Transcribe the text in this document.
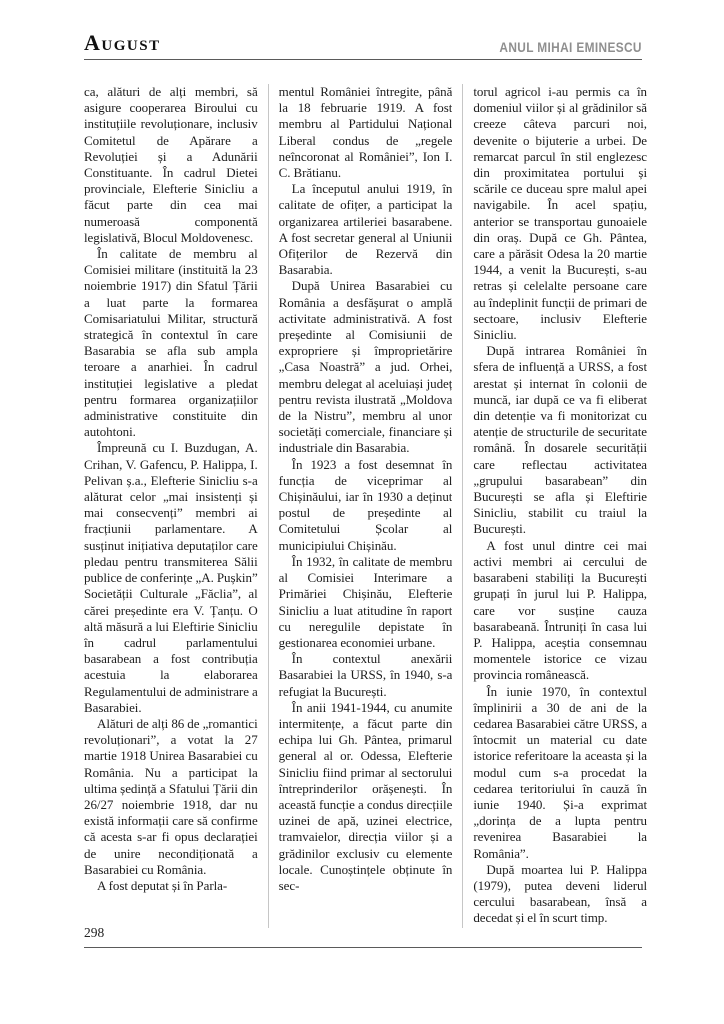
August	ANUL MIHAI EMINESCU

ca, alături de alți membri, să asigure cooperarea Biroului cu instituțiile revoluționare, inclusiv Comitetul de Apărare a Revoluției și a Adunării Constituante. În cadrul Dietei provinciale, Elefterie Sinicliu a făcut parte din cea mai numeroasă componentă legislativă, Blocul Moldovenesc.

În calitate de membru al Comisiei militare (instituită la 23 noiembrie 1917) din Sfatul Țării a luat parte la formarea Comisariatului Militar, structură strategică în contextul în care Basarabia se afla sub ampla teroare a anarhiei. În cadrul instituției legislative a pledat pentru formarea organizațiilor administrative constituite din autohtoni.

Împreună cu I. Buzdugan, A. Crihan, V. Gafencu, P. Halippa, I. Pelivan ș.a., Elefterie Sinicliu s-a alăturat celor „mai insistenți și mai consecvenți” membri ai fracțiunii parlamentare. A susținut inițiativa deputaților care pledau pentru transmiterea Sălii publice de conferințe „A. Pușkin” Societății Culturale „Făclia”, al cărei președinte era V. Țanțu. O altă măsură a lui Eleftirie Sinicliu în cadrul parlamentului basarabean a fost contribuția acestuia la elaborarea Regulamentului de administrare a Basarabiei.

Alături de alți 86 de „romantici revoluționari”, a votat la 27 martie 1918 Unirea Basarabiei cu România. Nu a participat la ultima ședință a Sfatului Țării din 26/27 noiembrie 1918, dar nu există informații care să confirme că acesta s-ar fi opus declarației de unire necondiționată a Basarabiei cu România.

A fost deputat și în Parla-

mentul României întregite, până la 18 februarie 1919. A fost membru al Partidului Național Liberal condus de „regele neîncoronat al României”, Ion I. C. Brătianu.

La începutul anului 1919, în calitate de ofițer, a participat la organizarea artileriei basarabene. A fost secretar general al Uniunii Ofițerilor de Rezervă din Basarabia.

După Unirea Basarabiei cu România a desfășurat o amplă activitate administrativă. A fost președinte al Comisiunii de expropriere și împroprietărire „Casa Noastră” a jud. Orhei, membru delegat al aceluiași județ pentru revista ilustrată „Moldova de la Nistru”, membru al unor societăți comerciale, financiare și industriale din Basarabia.

În 1923 a fost desemnat în funcția de viceprimar al Chișinăului, iar în 1930 a deținut postul de președinte al Comitetului Școlar al municipiului Chișinău.

În 1932, în calitate de membru al Comisiei Interimare a Primăriei Chișinău, Elefterie Sinicliu a luat atitudine în raport cu neregulile depistate în gestionarea economiei urbane.

În contextul anexării Basarabiei la URSS, în 1940, s-a refugiat la București.

În anii 1941-1944, cu anumite intermitențe, a făcut parte din echipa lui Gh. Pântea, primarul general al or. Odessa, Elefterie Sinicliu fiind primar al sectorului întreprinderilor orășenești. În această funcție a condus direcțiile uzinei de apă, uzinei electrice, tramvaielor, direcția viilor și a grădinilor exclusiv cu elemente locale. Cunoștințele obținute în sec-

torul agricol i-au permis ca în domeniul viilor și al grădinilor să creeze câteva parcuri noi, devenite o bijuterie a urbei. De remarcat parcul în stil englezesc din proximitatea portului și scările ce duceau spre malul apei navigabile. În acel spațiu, anterior se transportau gunoaiele din oraș. După ce Gh. Pântea, care a părăsit Odesa la 20 martie 1944, a venit la București, s-au retras și celelalte persoane care au îndeplinit funcții de primari de sectoare, inclusiv Elefterie Sinicliu.

După intrarea României în sfera de influență a URSS, a fost arestat și internat în colonii de muncă, iar după ce va fi eliberat din detenție va fi monitorizat cu atenție de structurile de securitate română. În dosarele securității care reflectau activitatea „grupului basarabean” din București se afla și Eleftirie Sinicliu, stabilit cu traiul la București.

A fost unul dintre cei mai activi membri ai cercului de basarabeni stabiliți la București grupați în jurul lui P. Halippa, care vor susține cauza basarabeană. Întruniți în casa lui P. Halippa, aceștia consemnau momentele istorice ce vizau provincia românească.

În iunie 1970, în contextul împlinirii a 30 de ani de la cedarea Basarabiei către URSS, a întocmit un material cu date istorice referitoare la aceasta și la modul cum s-a procedat la cedarea teritoriului în cauză în iunie 1940. Și-a exprimat „dorința de a lupta pentru revenirea Basarabiei la România”.

După moartea lui P. Halippa (1979), putea deveni liderul cercului basarabean, însă a decedat și el în scurt timp.

298
